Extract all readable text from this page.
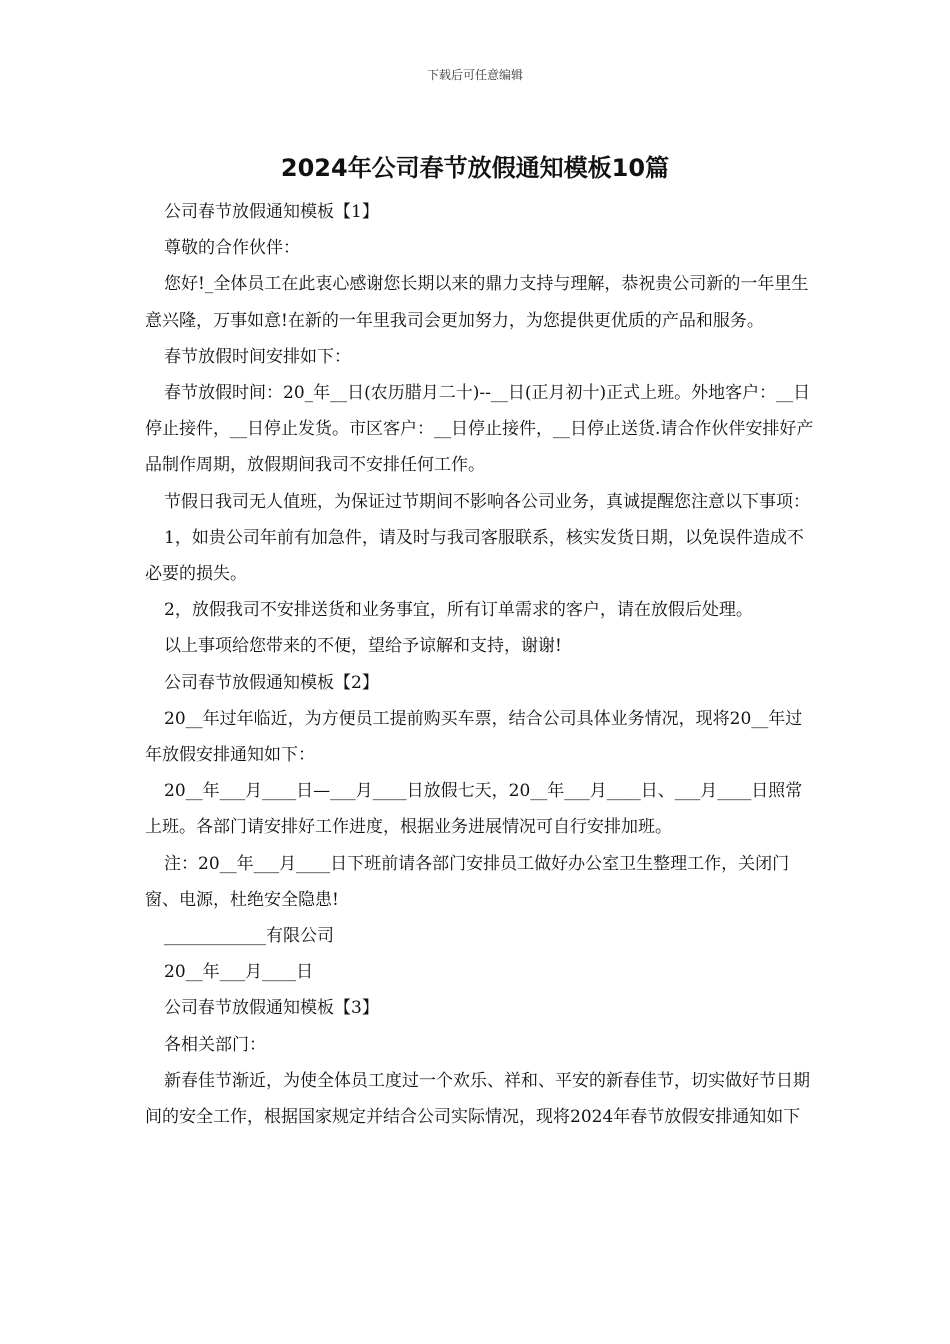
下载后可任意编辑
2024年公司春节放假通知模板10篇

公司春节放假通知模板【1】

尊敬的合作伙伴：

您好!_全体员工在此衷心感谢您长期以来的鼎力支持与理解，恭祝贵公司新的一年里生意兴隆，万事如意!在新的一年里我司会更加努力，为您提供更优质的产品和服务。

春节放假时间安排如下：

春节放假时间：20_年__日(农历腊月二十)--__日(正月初十)正式上班。外地客户：__日停止接件，__日停止发货。市区客户：__日停止接件，__日停止送货.请合作伙伴安排好产品制作周期，放假期间我司不安排任何工作。

节假日我司无人值班，为保证过节期间不影响各公司业务，真诚提醒您注意以下事项：

1，如贵公司年前有加急件，请及时与我司客服联系，核实发货日期，以免误件造成不必要的损失。

2，放假我司不安排送货和业务事宜，所有订单需求的客户，请在放假后处理。

以上事项给您带来的不便，望给予谅解和支持，谢谢!

公司春节放假通知模板【2】

20__年过年临近，为方便员工提前购买车票，结合公司具体业务情况，现将20__年过年放假安排通知如下：

20__年___月____日—___月____日放假七天，20__年___月____日、___月____日照常上班。各部门请安排好工作进度，根据业务进展情况可自行安排加班。

注：20__年___月____日下班前请各部门安排员工做好办公室卫生整理工作，关闭门窗、电源，杜绝安全隐患!

____________有限公司

20__年___月____日

公司春节放假通知模板【3】

各相关部门：

新春佳节渐近，为使全体员工度过一个欢乐、祥和、平安的新春佳节，切实做好节日期间的安全工作，根据国家规定并结合公司实际情况，现将2024年春节放假安排通知如下
